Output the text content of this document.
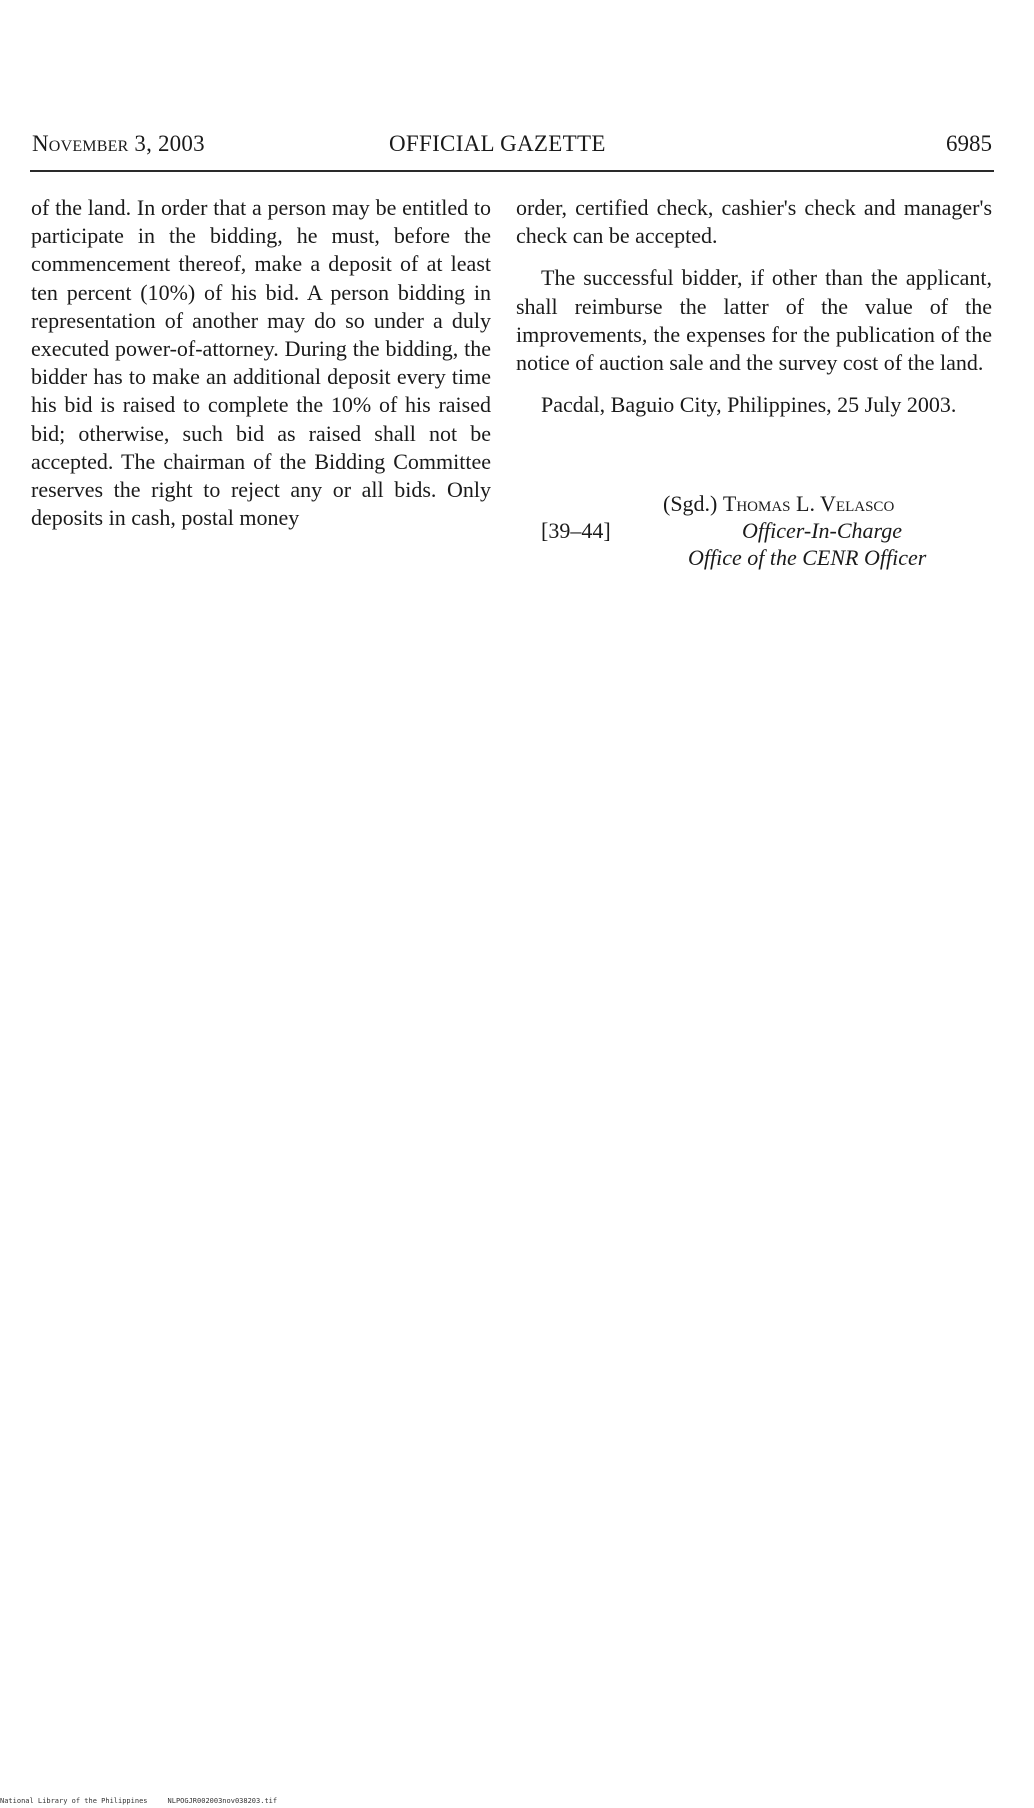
November 3, 2003	OFFICIAL GAZETTE	6985

of the land. In order that a person may be entitled to participate in the bidding, he must, before the commencement thereof, make a deposit of at least ten percent (10%) of his bid. A person bidding in representation of another may do so under a duly executed power-of-attorney. During the bidding, the bidder has to make an additional deposit every time his bid is raised to complete the 10% of his raised bid; otherwise, such bid as raised shall not be accepted. The chairman of the Bidding Committee reserves the right to reject any or all bids. Only deposits in cash, postal money

order, certified check, cashier's check and manager's check can be accepted.

The successful bidder, if other than the applicant, shall reimburse the latter of the value of the improvements, the expenses for the publication of the notice of auction sale and the survey cost of the land.

Pacdal, Baguio City, Philippines, 25 July 2003.

(Sgd.) Thomas L. Velasco
[39–44]	Officer-In-Charge
Office of the CENR Officer
National Library of the Philippines	NLPOGJR002003nov038203.tif
